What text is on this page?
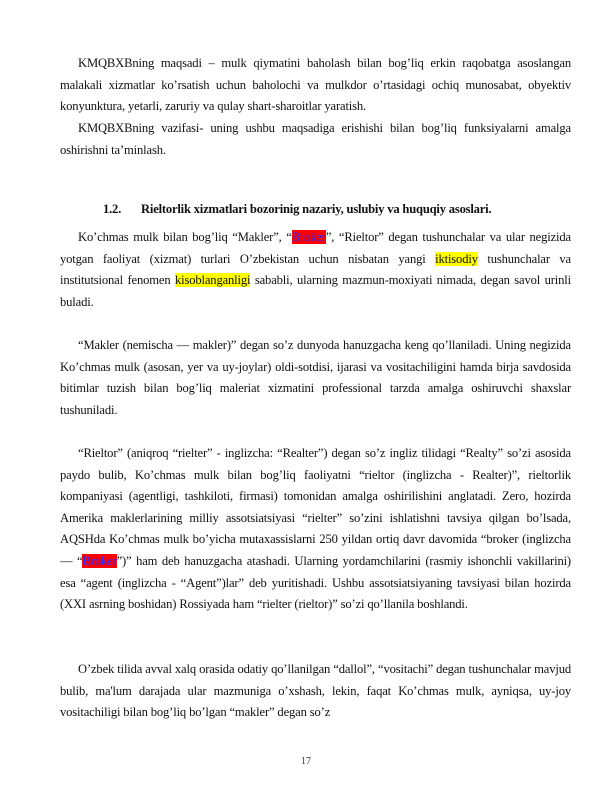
KMQBXBning maqsadi – mulk qiymatini baholash bilan bog’liq erkin raqobatga asoslangan malakali xizmatlar ko’rsatish uchun baholochi va mulkdor o’rtasidagi ochiq munosabat, obyektiv konyunktura, yetarli, zaruriy va qulay shart-sharoitlar yaratish.

KMQBXBning vazifasi- uning ushbu maqsadiga erishishi bilan bog’liq funksiyalarni amalga oshirishni ta’minlash.

1.2. Rieltorlik xizmatlari bozorinig nazariy, uslubiy va huquqiy asoslari.

Ko’chmas mulk bilan bog’liq “Makler”, “Broker”, “Rieltor” degan tushunchalar va ular negizida yotgan faoliyat (xizmat) turlari O’zbekistan uchun nisbatan yangi iktisodiy tushunchalar va institutsional fenomen kisoblanganligi sababli, ularning mazmun-moxiyati nimada, degan savol urinli buladi.

“Makler (nemischa — makler)” degan so’z dunyoda hanuzgacha keng qo’llaniladi. Uning negizida Ko’chmas mulk (asosan, yer va uy-joylar) oldi-sotdisi, ijarasi va vositachiligini hamda birja savdosida bitimlar tuzish bilan bog’liq maleriat xizmatini professional tarzda amalga oshiruvchi shaxslar tushuniladi.

“Rieltor” (aniqroq “rielter” - inglizcha: “Realter”) degan so’z ingliz tilidagi “Realty” so’zi asosida paydo bulib, Ko’chmas mulk bilan bog’liq faoliyatni “rieltor (inglizcha - Realter)”, rieltorlik kompaniyasi (agentligi, tashkiloti, firmasi) tomonidan amalga oshirilishini anglatadi. Zero, hozirda Amerika maklerlarining milliy assotsiatsiyasi “rielter” so’zini ishlatishni tavsiya qilgan bo’lsada, AQSHda Ko’chmas mulk bo’yicha mutaxassislarni 250 yildan ortiq davr davomida “broker (inglizcha — “Broker”)” ham deb hanuzgacha atashadi. Ularning yordamchilarini (rasmiy ishonchli vakillarini) esa “agent (inglizcha - “Agent”)lar” deb yuritishadi. Ushbu assotsiatsiyaning tavsiyasi bilan hozirda (XXI asrning boshidan) Rossiyada ham “rielter (rieltor)” so’zi qo’llanila boshlandi.

O’zbek tilida avval xalq orasida odatiy qo’llanilgan “dallol”, “vositachi” degan tushunchalar mavjud bulib, ma'lum darajada ular mazmuniga o’xshash, lekin, faqat Ko’chmas mulk, ayniqsa, uy-joy vositachiligi bilan bog’liq bo’lgan “makler” degan so’z

17
